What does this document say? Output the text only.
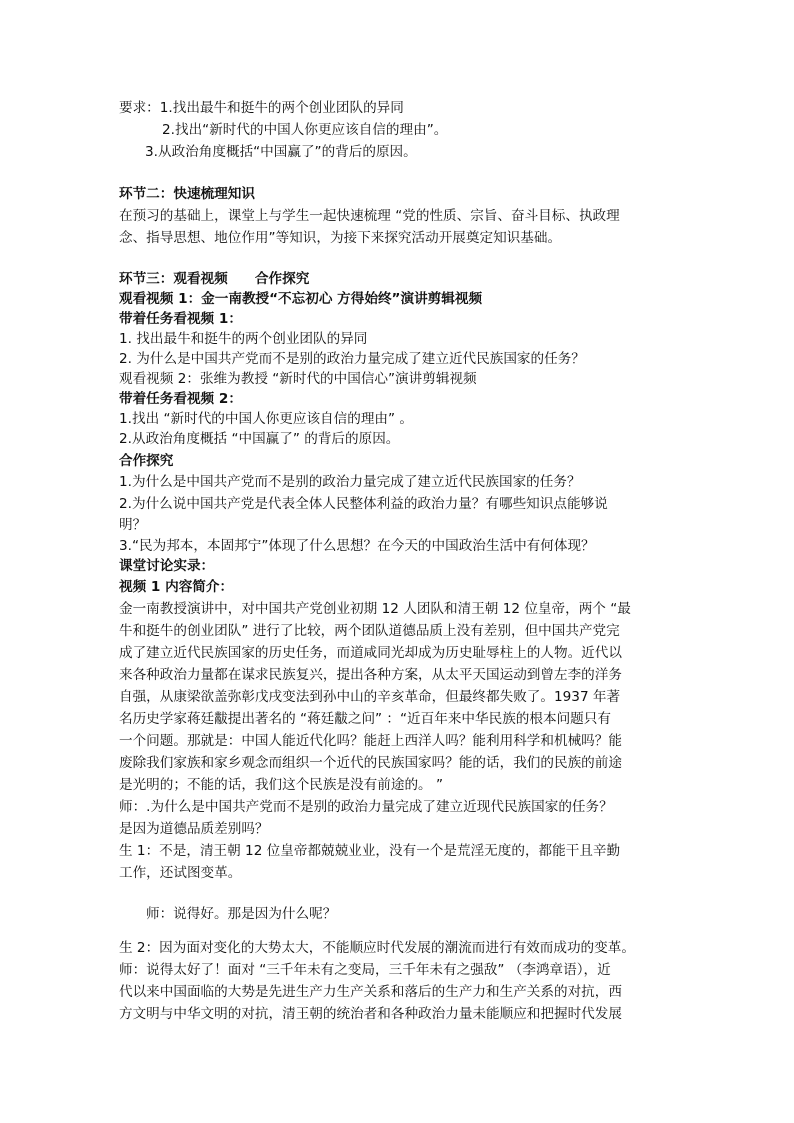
要求：1.找出最牛和挺牛的两个创业团队的异同
2.找出“新时代的中国人你更应该自信的理由”。
3.从政治角度概括“中国赢了”的背后的原因。
环节二：快速梳理知识
在预习的基础上，课堂上与学生一起快速梳理 “党的性质、宗旨、奋斗目标、执政理
念、指导思想、地位作用”等知识，为接下来探究活动开展奠定知识基础。
环节三：观看视频　　合作探究
观看视频 1：金一南教授“不忘初心 方得始终”演讲剪辑视频
带着任务看视频 1：
1. 找出最牛和挺牛的两个创业团队的异同
2. 为什么是中国共产党而不是别的政治力量完成了建立近代民族国家的任务？
观看视频 2：张维为教授 “新时代的中国信心”演讲剪辑视频
带着任务看视频 2：
1.找出 “新时代的中国人你更应该自信的理由” 。
2.从政治角度概括 “中国赢了” 的背后的原因。
合作探究
1.为什么是中国共产党而不是别的政治力量完成了建立近代民族国家的任务？
2.为什么说中国共产党是代表全体人民整体利益的政治力量？有哪些知识点能够说
明？
3.“民为邦本，本固邦宁”体现了什么思想？在今天的中国政治生活中有何体现？
课堂讨论实录：
视频 1 内容简介：
金一南教授演讲中，对中国共产党创业初期 12 人团队和清王朝 12 位皇帝，两个 “最
牛和挺牛的创业团队” 进行了比较，两个团队道德品质上没有差别，但中国共产党完
成了建立近代民族国家的历史任务，而道咸同光却成为历史耻辱柱上的人物。近代以
来各种政治力量都在谋求民族复兴，提出各种方案，从太平天国运动到曾左李的洋务
自强，从康梁欲盖弥彰戊戌变法到孙中山的辛亥革命，但最终都失败了。1937 年著
名历史学家蒋廷黻提出著名的 “蒋廷黻之问” ：“近百年来中华民族的根本问题只有
一个问题。那就是：中国人能近代化吗？能赶上西洋人吗？能利用科学和机械吗？能
废除我们家族和家乡观念而组织一个近代的民族国家吗？能的话，我们的民族的前途
是光明的；不能的话，我们这个民族是没有前途的。 ”
师：.为什么是中国共产党而不是别的政治力量完成了建立近现代民族国家的任务？
是因为道德品质差别吗？
生 1：不是，清王朝 12 位皇帝都兢兢业业，没有一个是荒淫无度的，都能干且辛勤
工作，还试图变革。
师：说得好。那是因为什么呢？
生 2：因为面对变化的大势太大，不能顺应时代发展的潮流而进行有效而成功的变革。
师：说得太好了！面对 “三千年未有之变局，三千年未有之强敌” （李鸿章语），近
代以来中国面临的大势是先进生产力生产关系和落后的生产力和生产关系的对抗，西
方文明与中华文明的对抗，清王朝的统治者和各种政治力量未能顺应和把握时代发展
